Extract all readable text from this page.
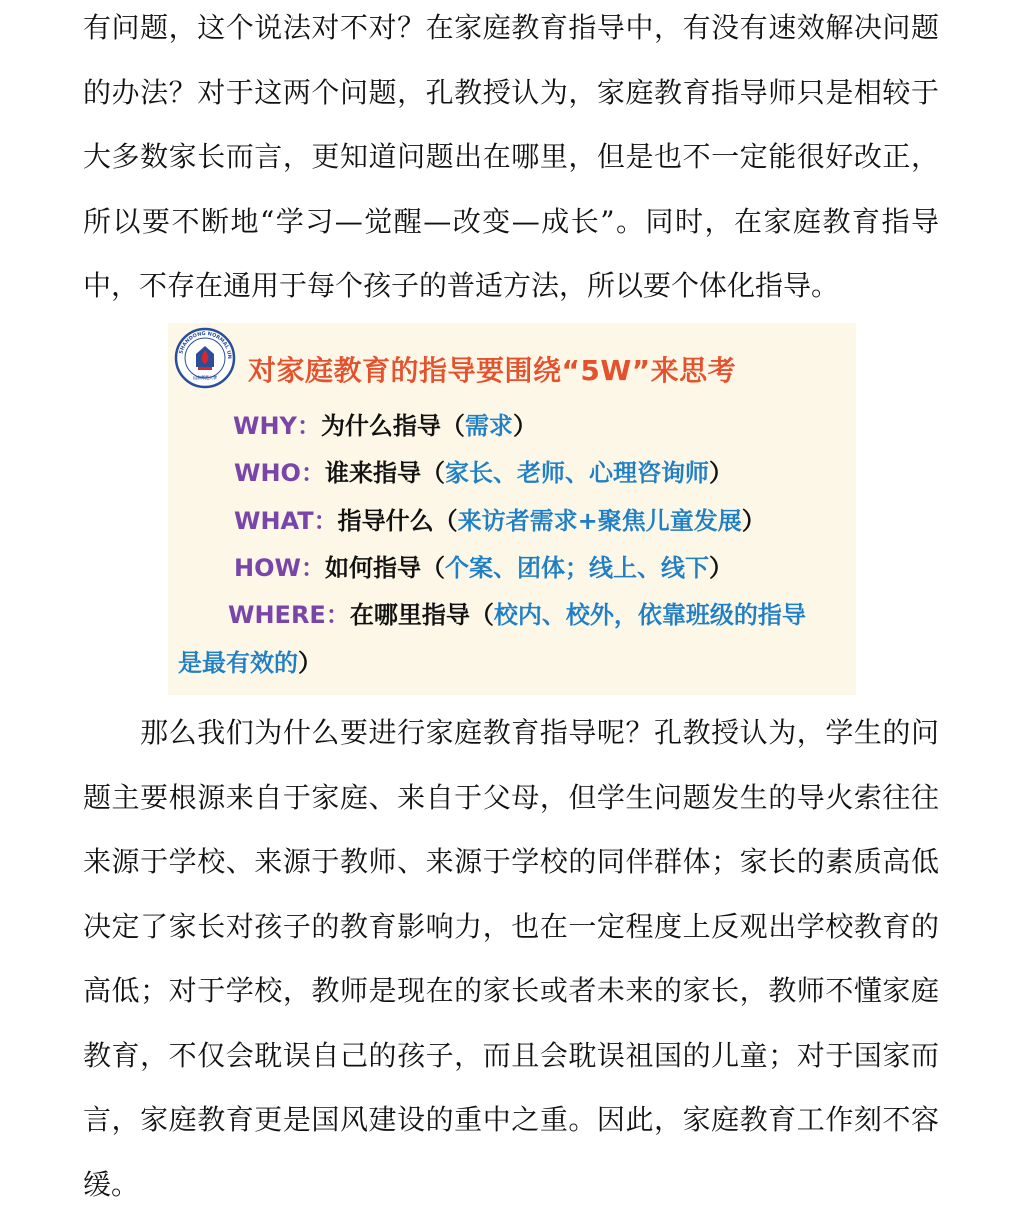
有问题，这个说法对不对？在家庭教育指导中，有没有速效解决问题
的办法？对于这两个问题，孔教授认为，家庭教育指导师只是相较于
大多数家长而言，更知道问题出在哪里，但是也不一定能很好改正，
所以要不断地“学习—觉醒—改变—成长”。同时，在家庭教育指导
中，不存在通用于每个孩子的普适方法，所以要个体化指导。
SHANDONG NORMAL UN
山东师范大学 对家庭教育的指导要围绕“5W”来思考
WHY：为什么指导（需求）
WHO：谁来指导（家长、老师、心理咨询师）
WHAT：指导什么（来访者需求+聚焦儿童发展）
HOW：如何指导（个案、团体；线上、线下）
WHERE：在哪里指导（校内、校外，依靠班级的指导
是最有效的）
　　那么我们为什么要进行家庭教育指导呢？孔教授认为，学生的问
题主要根源来自于家庭、来自于父母，但学生问题发生的导火索往往
来源于学校、来源于教师、来源于学校的同伴群体；家长的素质高低
决定了家长对孩子的教育影响力，也在一定程度上反观出学校教育的
高低；对于学校，教师是现在的家长或者未来的家长，教师不懂家庭
教育，不仅会耽误自己的孩子，而且会耽误祖国的儿童；对于国家而
言，家庭教育更是国风建设的重中之重。因此，家庭教育工作刻不容
缓。
